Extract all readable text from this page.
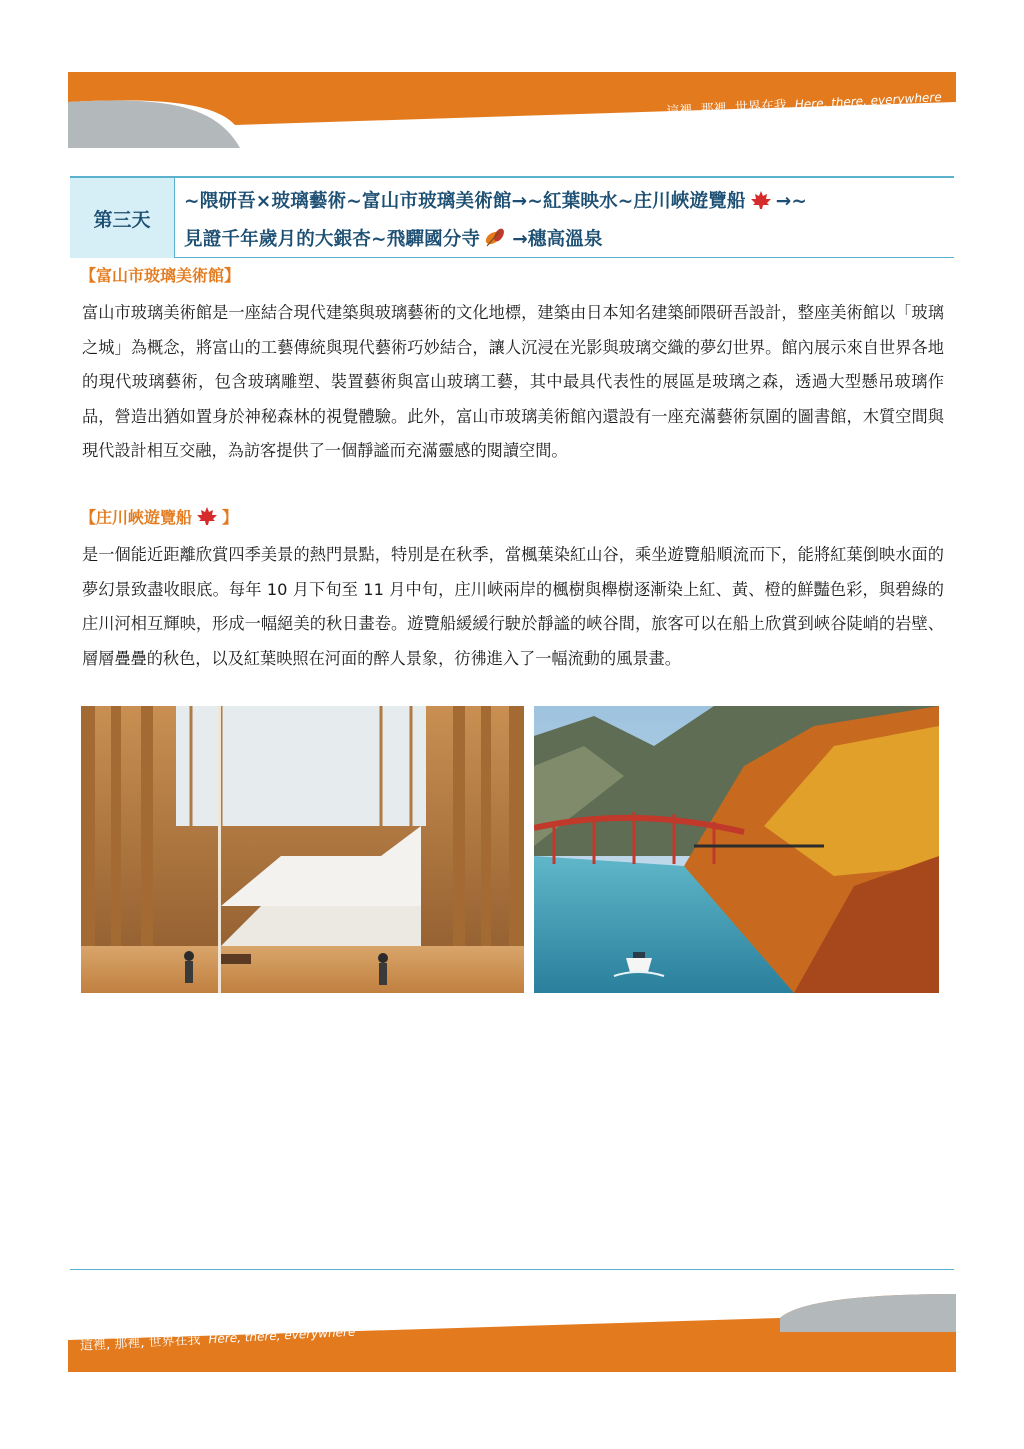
這裡, 那裡, 世界在我 Here, there, everywhere
第三天
~隈研吾×玻璃藝術~富山市玻璃美術館→~紅葉映水~庄川峽遊覽船 →~
見證千年歲月的大銀杏~飛驒國分寺 →穗高溫泉
【富山市玻璃美術館】
富山市玻璃美術館是一座結合現代建築與玻璃藝術的文化地標，建築由日本知名建築師隈研吾設計，整座美術館以「玻璃之城」為概念，將富山的工藝傳統與現代藝術巧妙結合，讓人沉浸在光影與玻璃交織的夢幻世界。館內展示來自世界各地的現代玻璃藝術，包含玻璃雕塑、裝置藝術與富山玻璃工藝，其中最具代表性的展區是玻璃之森，透過大型懸吊玻璃作品，營造出猶如置身於神秘森林的視覺體驗。此外，富山市玻璃美術館內還設有一座充滿藝術氛圍的圖書館，木質空間與現代設計相互交融，為訪客提供了一個靜謐而充滿靈感的閱讀空間。
【庄川峽遊覽船 】
是一個能近距離欣賞四季美景的熱門景點，特別是在秋季，當楓葉染紅山谷，乘坐遊覽船順流而下，能將紅葉倒映水面的夢幻景致盡收眼底。每年 10 月下旬至 11 月中旬，庄川峽兩岸的楓樹與櫸樹逐漸染上紅、黃、橙的鮮豔色彩，與碧綠的庄川河相互輝映，形成一幅絕美的秋日畫卷。遊覽船緩緩行駛於靜謐的峽谷間，旅客可以在船上欣賞到峽谷陡峭的岩壁、層層疊疊的秋色，以及紅葉映照在河面的醉人景象，彷彿進入了一幅流動的風景畫。
這裡, 那裡, 世界在我 Here, there, everywhere
